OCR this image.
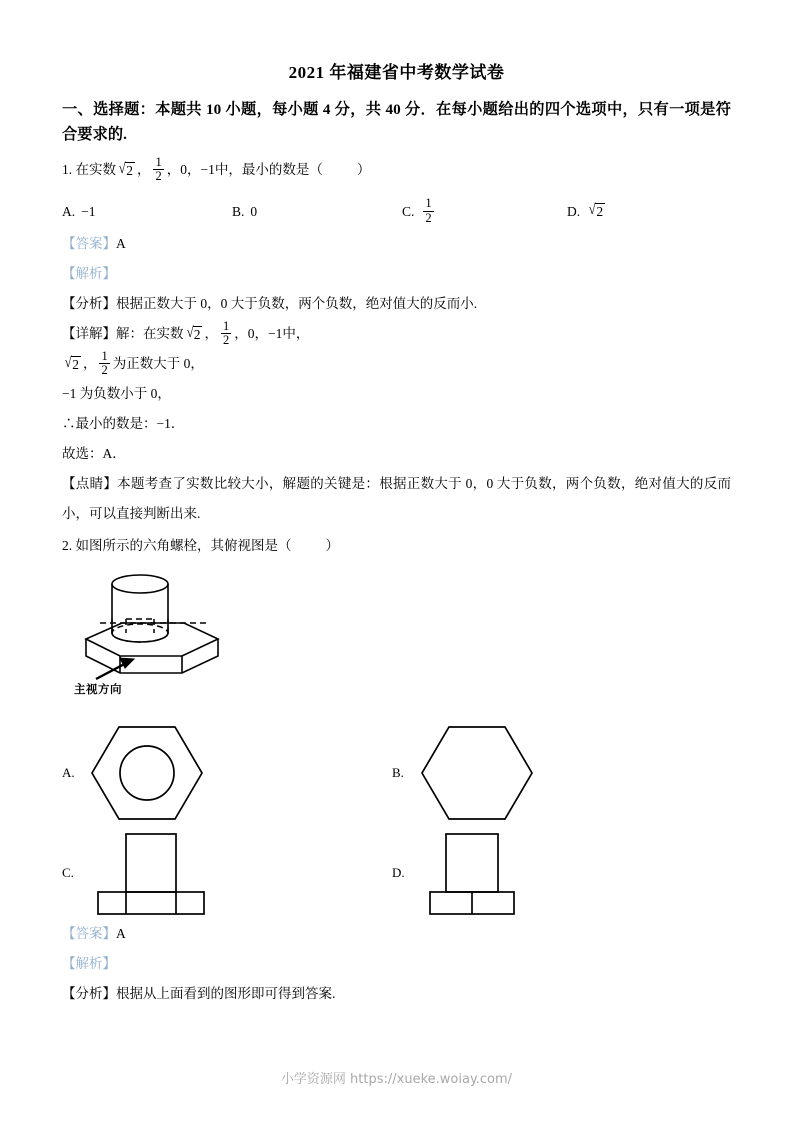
2021 年福建省中考数学试卷
一、选择题：本题共 10 小题，每小题 4 分，共 40 分．在每小题给出的四个选项中，只有一项是符合要求的.
1. 在实数 √ 2 ， $\frac{1}{2}$ ，0，−1中，最小的数是（	）
A. −1	B. 0	C. $\frac{1}{2}$	D. √ 2
【答案】A
【解析】
【分析】根据正数大于 0，0 大于负数，两个负数，绝对值大的反而小.
【详解】解：在实数 √ 2 ， $\frac{1}{2}$ ，0，−1中，
√ 2 ， $\frac{1}{2}$ 为正数大于 0，
−1 为负数小于 0，
∴最小的数是：−1．
故选：A．
【点睛】本题考查了实数比较大小，解题的关键是：根据正数大于 0，0 大于负数，两个负数，绝对值大的反而小，可以直接判断出来.
2. 如图所示的六角螺栓，其俯视图是（	）
主视方向
A.	B.
C.	D.
【答案】A
【解析】
【分析】根据从上面看到的图形即可得到答案.
小学资源网 https://xueke.woiay.com/
